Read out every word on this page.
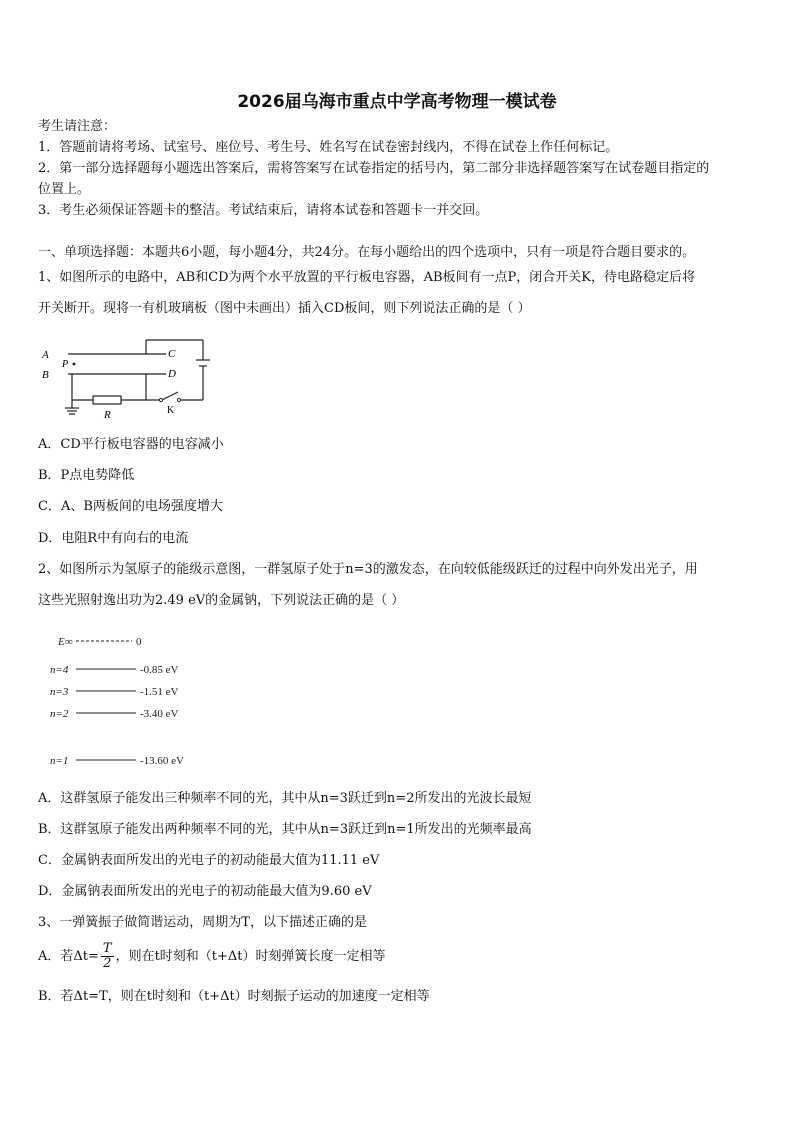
2026届乌海市重点中学高考物理一模试卷
考生请注意：
1．答题前请将考场、试室号、座位号、考生号、姓名写在试卷密封线内，不得在试卷上作任何标记。
2．第一部分选择题每小题选出答案后，需将答案写在试卷指定的括号内，第二部分非选择题答案写在试卷题目指定的
位置上。
3．考生必须保证答题卡的整洁。考试结束后，请将本试卷和答题卡一并交回。
一、单项选择题：本题共6小题，每小题4分，共24分。在每小题给出的四个选项中，只有一项是符合题目要求的。
1、如图所示的电路中，AB和CD为两个水平放置的平行板电容器，AB板间有一点P，闭合开关K，待电路稳定后将
开关断开。现将一有机玻璃板（图中未画出）插入CD板间，则下列说法正确的是（ ）
A
B
P
C
D
R	K
A．CD平行板电容器的电容减小
B．P点电势降低
C．A、B两板间的电场强度增大
D．电阻R中有向右的电流
2、如图所示为氢原子的能级示意图，一群氢原子处于n=3的激发态，在向较低能级跃迁的过程中向外发出光子，用
这些光照射逸出功为2.49 eV的金属钠，下列说法正确的是（ ）
E∞	0
n=4	-0.85 eV
n=3	-1.51 eV
n=2	-3.40 eV
n=1	-13.60 eV
A．这群氢原子能发出三种频率不同的光，其中从n=3跃迁到n=2所发出的光波长最短
B．这群氢原子能发出两种频率不同的光，其中从n=3跃迁到n=1所发出的光频率最高
C．金属钠表面所发出的光电子的初动能最大值为11.11 eV
D．金属钠表面所发出的光电子的初动能最大值为9.60 eV
3、一弹簧振子做简谐运动，周期为T，以下描述正确的是
A．若$\Delta t= \frac{T}{2}$ ，则在t时刻和（t+Δt）时刻弹簧长度一定相等
B．若Δt=T，则在t时刻和（t+Δt）时刻振子运动的加速度一定相等
